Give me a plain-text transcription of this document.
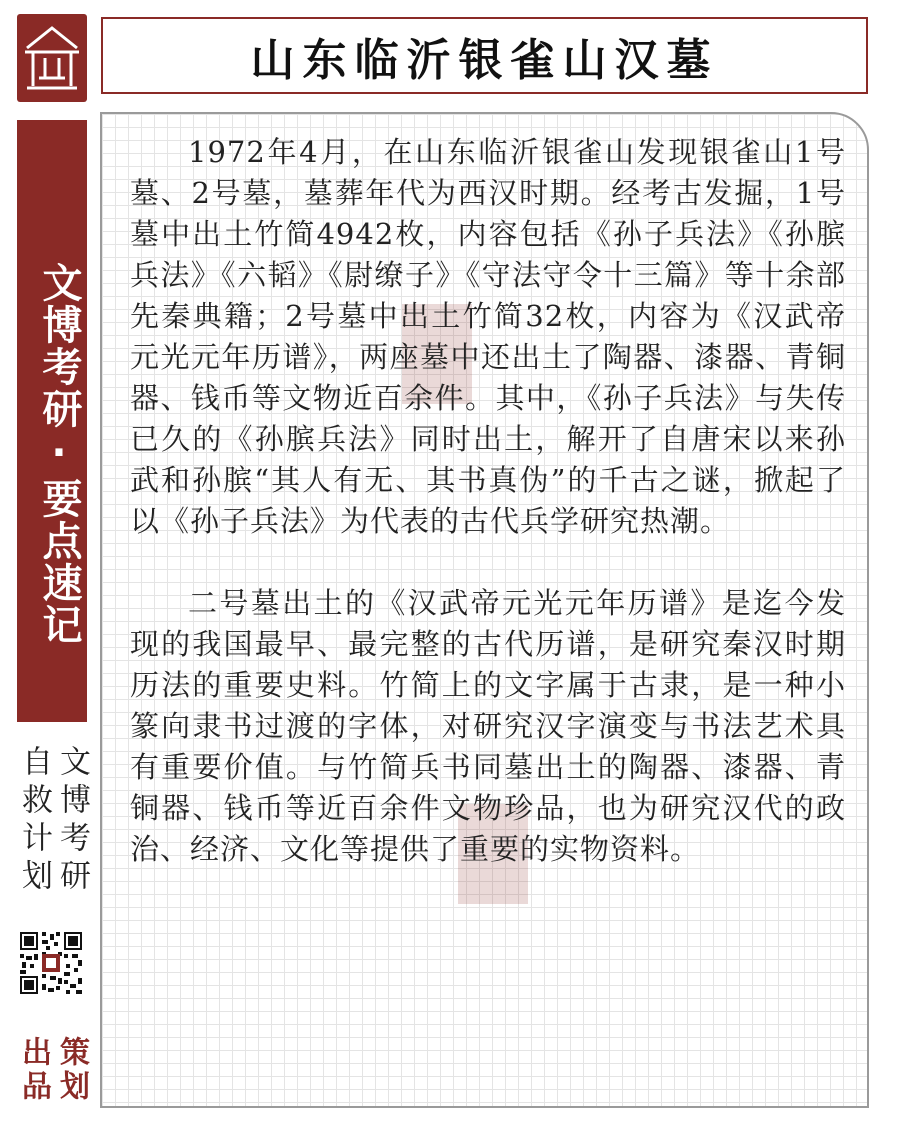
文博考研·要点速记
文博考研
自救计划
策划
出品
山东临沂银雀山汉墓

1972年4月，在山东临沂银雀山发现银雀山1号墓、2号墓，墓葬年代为西汉时期。经考古发掘，1号墓中出土竹简4942枚，内容包括《孙子兵法》《孙膑兵法》《六韬》《尉缭子》《守法守令十三篇》等十余部先秦典籍；2号墓中出土竹简32枚，内容为《汉武帝元光元年历谱》，两座墓中还出土了陶器、漆器、青铜器、钱币等文物近百余件。其中，《孙子兵法》与失传已久的《孙膑兵法》同时出土，解开了自唐宋以来孙武和孙膑“其人有无、其书真伪”的千古之谜，掀起了以《孙子兵法》为代表的古代兵学研究热潮。

二号墓出土的《汉武帝元光元年历谱》是迄今发现的我国最早、最完整的古代历谱，是研究秦汉时期历法的重要史料。竹简上的文字属于古隶，是一种小篆向隶书过渡的字体，对研究汉字演变与书法艺术具有重要价值。与竹简兵书同墓出土的陶器、漆器、青铜器、钱币等近百余件文物珍品，也为研究汉代的政治、经济、文化等提供了重要的实物资料。
